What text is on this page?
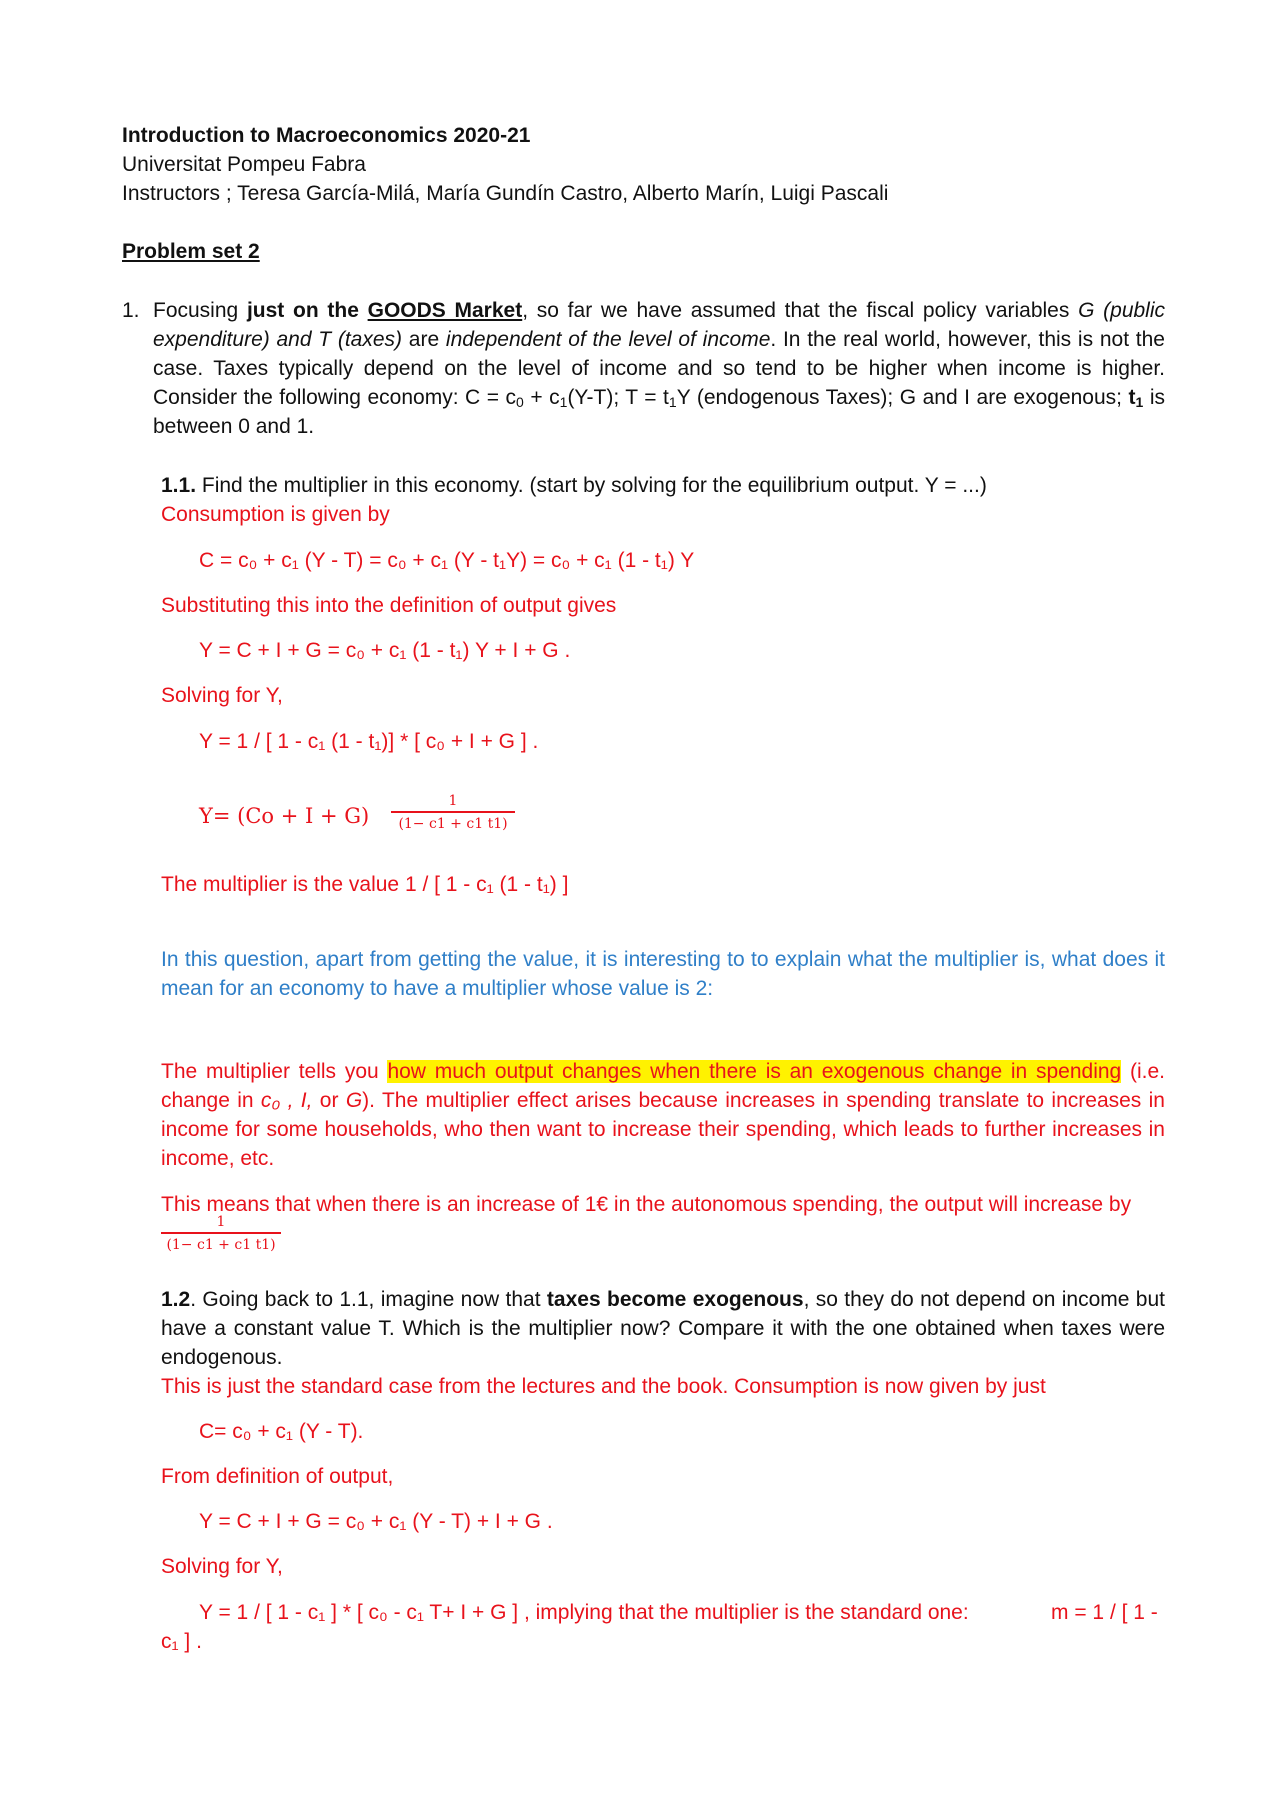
Introduction to Macroeconomics 2020-21
Universitat Pompeu Fabra
Instructors ; Teresa García-Milá, María Gundín Castro, Alberto Marín, Luigi Pascali
Problem set 2
1. Focusing just on the GOODS Market, so far we have assumed that the fiscal policy variables G (public expenditure) and T (taxes) are independent of the level of income. In the real world, however, this is not the case. Taxes typically depend on the level of income and so tend to be higher when income is higher. Consider the following economy: $C = c_0 + c_1(Y-T)$; $T = t_1Y$ (endogenous Taxes); G and I are exogenous; $t_1$ is between 0 and 1.
1.1. Find the multiplier in this economy. (start by solving for the equilibrium output. Y = ...)
Consumption is given by
C = c₀ + c₁ (Y - T) = c₀ + c₁ (Y - t₁Y) = c₀ + c₁ (1 - t₁) Y
Substituting this into the definition of output gives
Y = C + I + G = c₀ + c₁ (1 - t₁) Y + I + G .
Solving for Y,
Y = 1 / [ 1 - c₁ (1 - t₁)] * [ c₀ + I + G ] .
Y= (Co + I + G)
1
(1− c1 + c1 t1)
The multiplier is the value 1 / [ 1 - c₁ (1 - t₁) ]
In this question, apart from getting the value, it is interesting to to explain what the multiplier is, what does it mean for an economy to have a multiplier whose value is 2:
The multiplier tells you how much output changes when there is an exogenous change in spending (i.e. change in c₀ , I, or G). The multiplier effect arises because increases in spending translate to increases in income for some households, who then want to increase their spending, which leads to further increases in income, etc.
This means that when there is an increase of 1€ in the autonomous spending, the output will increase by
1
(1− c1 + c1 t1)
1.2. Going back to 1.1, imagine now that taxes become exogenous, so they do not depend on income but have a constant value T. Which is the multiplier now? Compare it with the one obtained when taxes were endogenous.
This is just the standard case from the lectures and the book. Consumption is now given by just
C= c₀ + c₁ (Y - T).
From definition of output,
Y = C + I + G = c₀ + c₁ (Y - T) + I + G .
Solving for Y,
Y = 1 / [ 1 - c₁ ] * [ c₀ - c₁ T+ I + G ] , implying that the multiplier is the standard one:	m = 1 / [ 1 -
c₁ ] .
